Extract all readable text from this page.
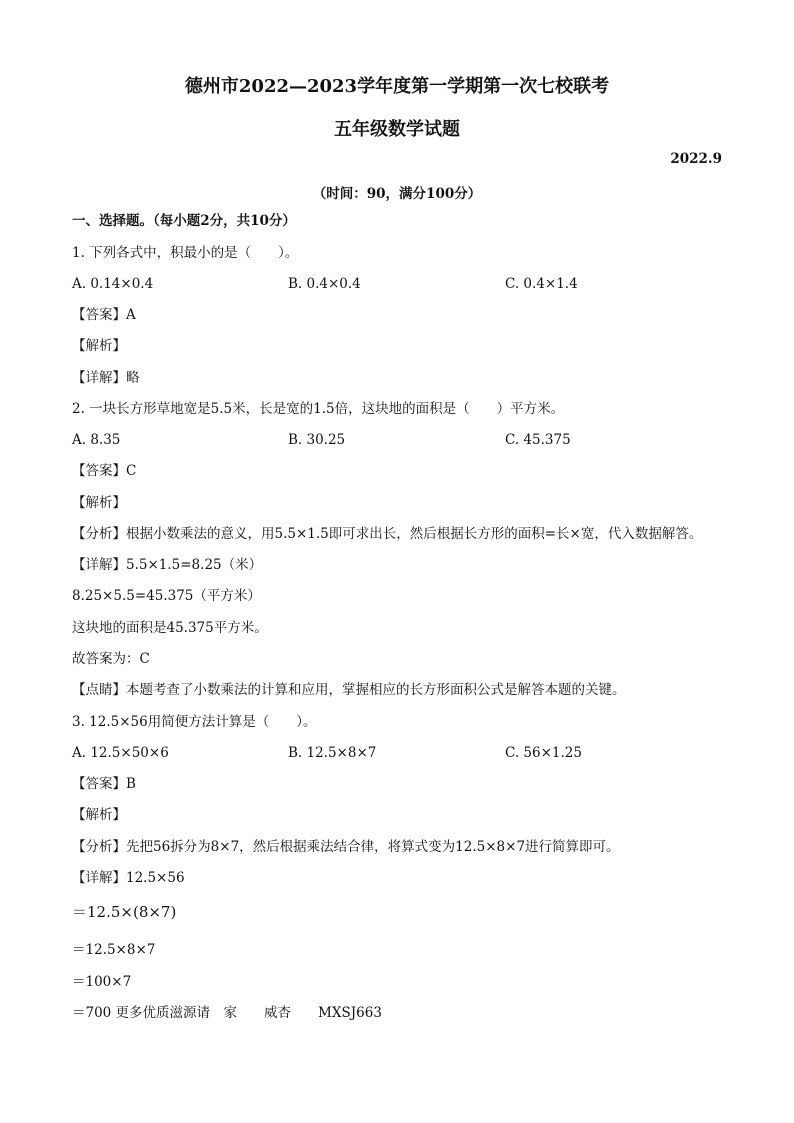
德州市2022—2023学年度第一学期第一次七校联考
五年级数学试题
2022.9
（时间：90，满分100分）
一、选择题。（每小题2分，共10分）
1. 下列各式中，积最小的是（　　）。
A. 0.14×0.4	B. 0.4×0.4	C. 0.4×1.4
【答案】A
【解析】
【详解】略
2. 一块长方形草地宽是5.5米，长是宽的1.5倍，这块地的面积是（　　）平方米。
A. 8.35	B. 30.25	C. 45.375
【答案】C
【解析】
【分析】根据小数乘法的意义，用5.5×1.5即可求出长，然后根据长方形的面积=长×宽，代入数据解答。
【详解】5.5×1.5=8.25（米）
8.25×5.5=45.375（平方米）
这块地的面积是45.375平方米。
故答案为：C
【点睛】本题考查了小数乘法的计算和应用，掌握相应的长方形面积公式是解答本题的关键。
3. 12.5×56用简便方法计算是（　　）。
A. 12.5×50×6	B. 12.5×8×7	C. 56×1.25
【答案】B
【解析】
【分析】先把56拆分为8×7，然后根据乘法结合律，将算式变为12.5×8×7进行简算即可。
【详解】12.5×56
＝12.5×(8×7)
＝12.5×8×7
＝100×7
＝700 更多优质滋源请　家　　威杏　　MXSJ663
